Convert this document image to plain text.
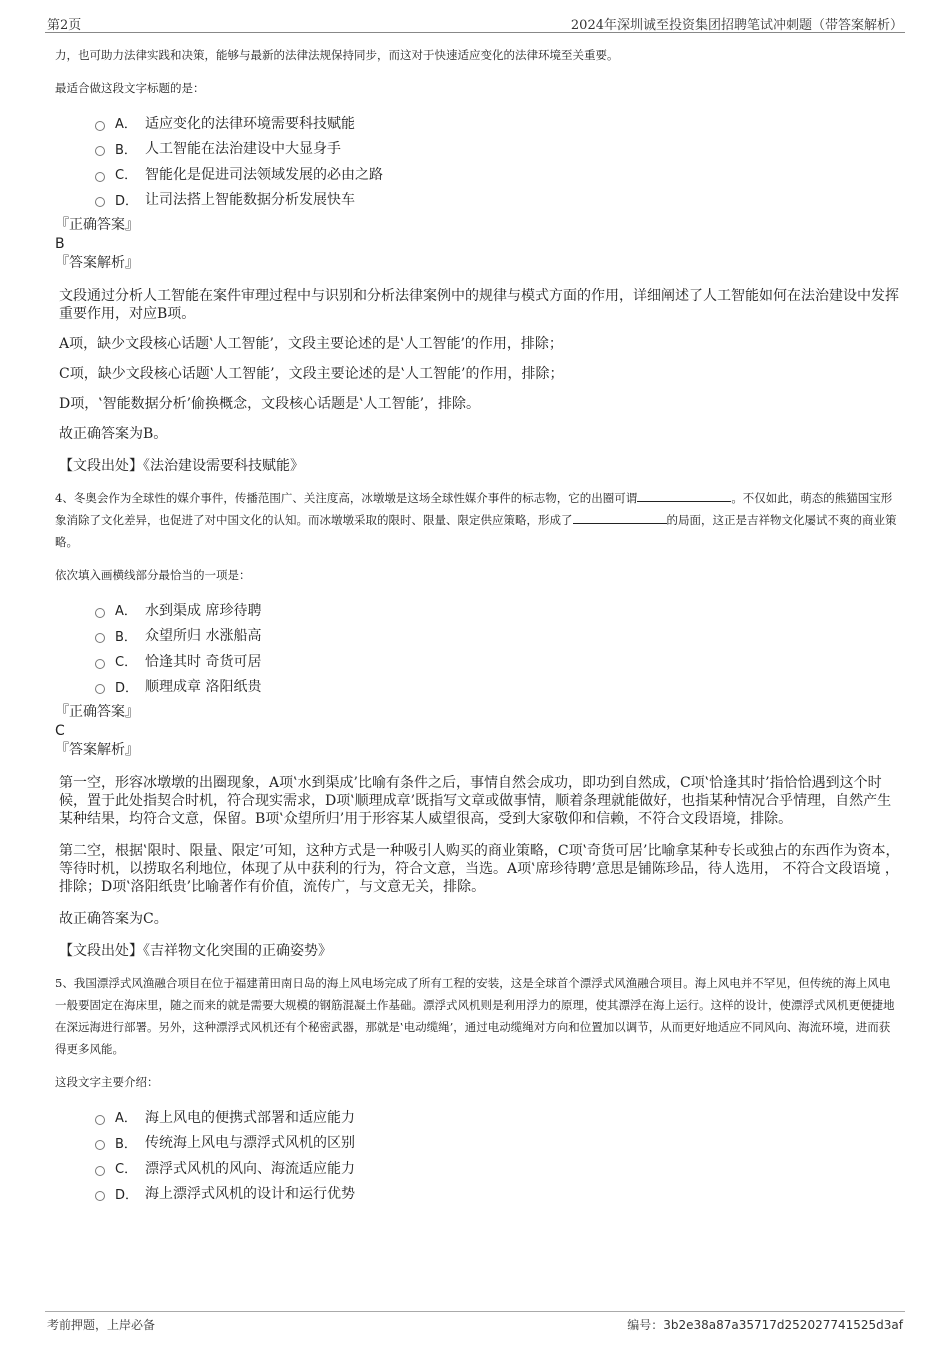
第2页	2024年深圳诚至投资集团招聘笔试冲刺题（带答案解析）

力，也可助力法律实践和决策，能够与最新的法律法规保持同步，而这对于快速适应变化的法律环境至关重要。

最适合做这段文字标题的是：

A． 适应变化的法律环境需要科技赋能
B． 人工智能在法治建设中大显身手
C． 智能化是促进司法领域发展的必由之路
D． 让司法搭上智能数据分析发展快车

『正确答案』

B

『答案解析』

文段通过分析人工智能在案件审理过程中与识别和分析法律案例中的规律与模式方面的作用，详细阐述了人工智能如何在法治建设中发挥重要作用，对应B项。

A项，缺少文段核心话题‛人工智能’，文段主要论述的是‛人工智能’的作用，排除；

C项，缺少文段核心话题‛人工智能’，文段主要论述的是‛人工智能’的作用，排除；

D项，‛智能数据分析’偷换概念，文段核心话题是‛人工智能’，排除。

故正确答案为B。

【文段出处】《法治建设需要科技赋能》

4、冬奥会作为全球性的媒介事件，传播范围广、关注度高，冰墩墩是这场全球性媒介事件的标志物，它的出圈可谓	。不仅如此，萌态的熊猫国宝形象消除了文化差异，也促进了对中国文化的认知。而冰墩墩采取的限时、限量、限定供应策略，形成了	的局面，这正是吉祥物文化屡试不爽的商业策略。

依次填入画横线部分最恰当的一项是：

A． 水到渠成 席珍待聘
B． 众望所归 水涨船高
C． 恰逢其时 奇货可居
D． 顺理成章 洛阳纸贵

『正确答案』

C

『答案解析』

第一空，形容冰墩墩的出圈现象，A项‛水到渠成’比喻有条件之后，事情自然会成功，即功到自然成，C项‛恰逢其时’指恰恰遇到这个时候，置于此处指契合时机，符合现实需求，D项‛顺理成章’既指写文章或做事情，顺着条理就能做好，也指某种情况合乎情理，自然产生某种结果，均符合文意，保留。B项‛众望所归’用于形容某人威望很高，受到大家敬仰和信赖，不符合文段语境，排除。

第二空，根据‛限时、限量、限定’可知，这种方式是一种吸引人购买的商业策略，C项‛奇货可居’比喻拿某种专长或独占的东西作为资本，等待时机，以捞取名利地位，体现了从中获利的行为，符合文意，当选。A项‛席珍待聘’意思是铺陈珍品，待人选用， 不符合文段语境 ，排除；D项‛洛阳纸贵’比喻著作有价值，流传广，与文意无关，排除。

故正确答案为C。

【文段出处】《吉祥物文化突围的正确姿势》

5、我国漂浮式风渔融合项目在位于福建莆田南日岛的海上风电场完成了所有工程的安装，这是全球首个漂浮式风渔融合项目。海上风电并不罕见，但传统的海上风电一般要固定在海床里，随之而来的就是需要大规模的钢筋混凝土作基础。漂浮式风机则是利用浮力的原理，使其漂浮在海上运行。这样的设计，使漂浮式风机更便捷地在深远海进行部署。另外，这种漂浮式风机还有个秘密武器，那就是‛电动缆绳’，通过电动缆绳对方向和位置加以调节，从而更好地适应不同风向、海流环境，进而获得更多风能。

这段文字主要介绍：

A． 海上风电的便携式部署和适应能力
B． 传统海上风电与漂浮式风机的区别
C． 漂浮式风机的风向、海流适应能力
D． 海上漂浮式风机的设计和运行优势
考前押题，上岸必备	编号：3b2e38a87a35717d252027741525d3af
